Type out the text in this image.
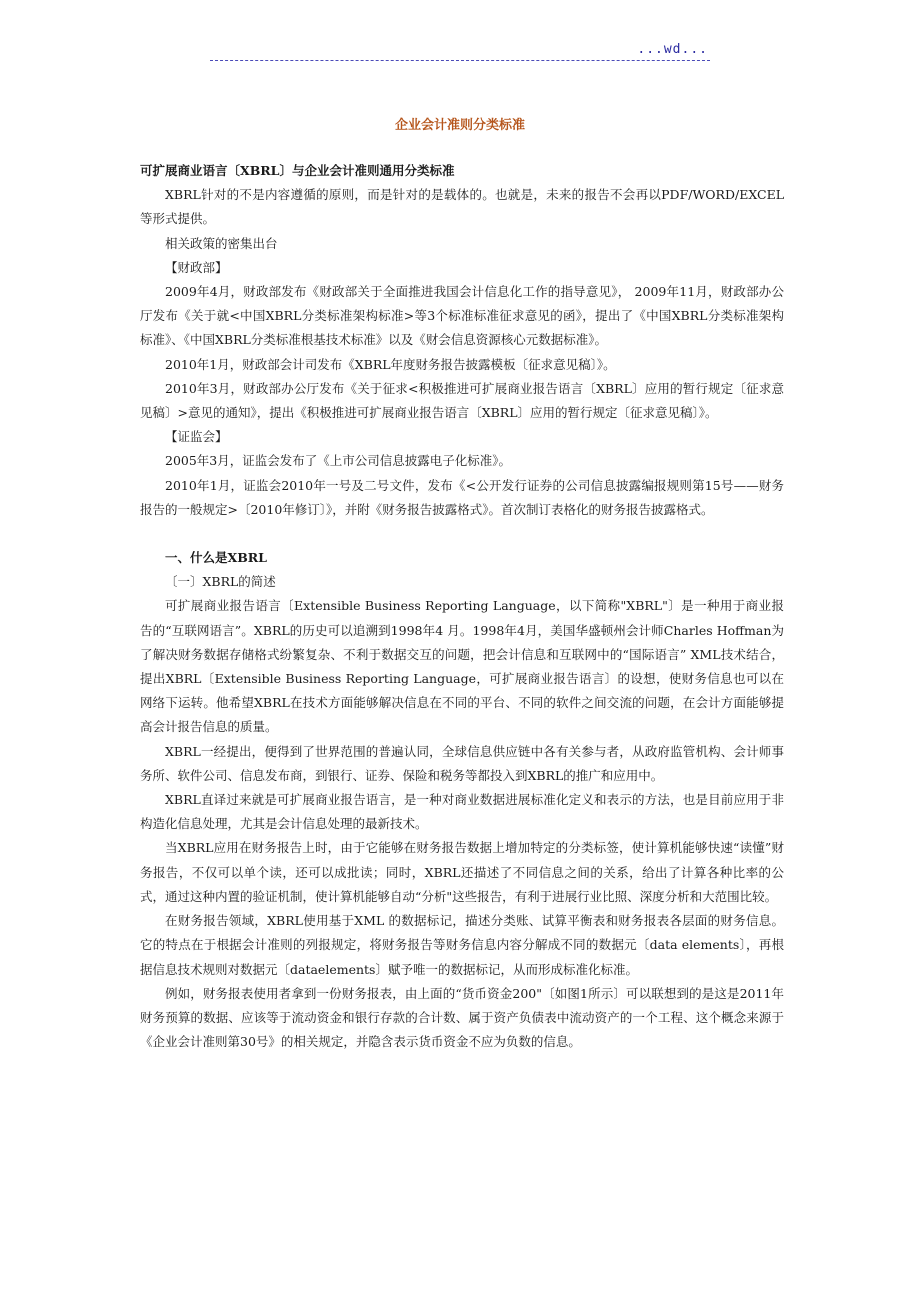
...wd...
企业会计准则分类标准

可扩展商业语言〔XBRL〕与企业会计准则通用分类标准

XBRL针对的不是内容遵循的原则，而是针对的是载体的。也就是，未来的报告不会再以PDF/WORD/EXCEL等形式提供。

相关政策的密集出台

【财政部】

2009年4月，财政部发布《财政部关于全面推进我国会计信息化工作的指导意见》， 2009年11月，财政部办公厅发布《关于就<中国XBRL分类标准架构标准>等3个标准标准征求意见的函》，提出了《中国XBRL分类标准架构标准》、《中国XBRL分类标准根基技术标准》以及《财会信息资源核心元数据标准》。

2010年1月，财政部会计司发布《XBRL年度财务报告披露模板〔征求意见稿〕》。

2010年3月，财政部办公厅发布《关于征求<积极推进可扩展商业报告语言〔XBRL〕应用的暂行规定〔征求意见稿〕>意见的通知》，提出《积极推进可扩展商业报告语言〔XBRL〕应用的暂行规定〔征求意见稿〕》。

【证监会】

2005年3月，证监会发布了《上市公司信息披露电子化标准》。

2010年1月，证监会2010年一号及二号文件，发布《<公开发行证券的公司信息披露编报规则第15号——财务报告的一般规定>〔2010年修订〕》，并附《财务报告披露格式》。首次制订表格化的财务报告披露格式。

一、什么是XBRL

〔一〕XBRL的简述

可扩展商业报告语言〔Extensible Business Reporting Language，以下简称"XBRL"〕是一种用于商业报告的“互联网语言”。XBRL的历史可以追溯到1998年4 月。1998年4月，美国华盛顿州会计师Charles Hoffman为了解决财务数据存储格式纷繁复杂、不利于数据交互的问题，把会计信息和互联网中的“国际语言” XML技术结合，提出XBRL〔Extensible Business Reporting Language，可扩展商业报告语言〕的设想，使财务信息也可以在网络下运转。他希望XBRL在技术方面能够解决信息在不同的平台、不同的软件之间交流的问题，在会计方面能够提高会计报告信息的质量。

XBRL一经提出，便得到了世界范围的普遍认同，全球信息供应链中各有关参与者，从政府监管机构、会计师事务所、软件公司、信息发布商，到银行、证券、保险和税务等都投入到XBRL的推广和应用中。

XBRL直译过来就是可扩展商业报告语言，是一种对商业数据进展标准化定义和表示的方法，也是目前应用于非构造化信息处理，尤其是会计信息处理的最新技术。

当XBRL应用在财务报告上时，由于它能够在财务报告数据上增加特定的分类标签，使计算机能够快速“读懂”财务报告，不仅可以单个读，还可以成批读；同时，XBRL还描述了不同信息之间的关系，给出了计算各种比率的公式，通过这种内置的验证机制，使计算机能够自动“分析"这些报告，有利于进展行业比照、深度分析和大范围比较。

在财务报告领域，XBRL使用基于XML 的数据标记，描述分类账、试算平衡表和财务报表各层面的财务信息。它的特点在于根据会计准则的列报规定，将财务报告等财务信息内容分解成不同的数据元〔data elements〕，再根据信息技术规则对数据元〔dataelements〕赋予唯一的数据标记，从而形成标准化标准。

例如，财务报表使用者拿到一份财务报表，由上面的“货币资金200"〔如图1所示〕可以联想到的是这是2011年财务预算的数据、应该等于流动资金和银行存款的合计数、属于资产负债表中流动资产的一个工程、这个概念来源于《企业会计准则第30号》的相关规定，并隐含表示货币资金不应为负数的信息。
